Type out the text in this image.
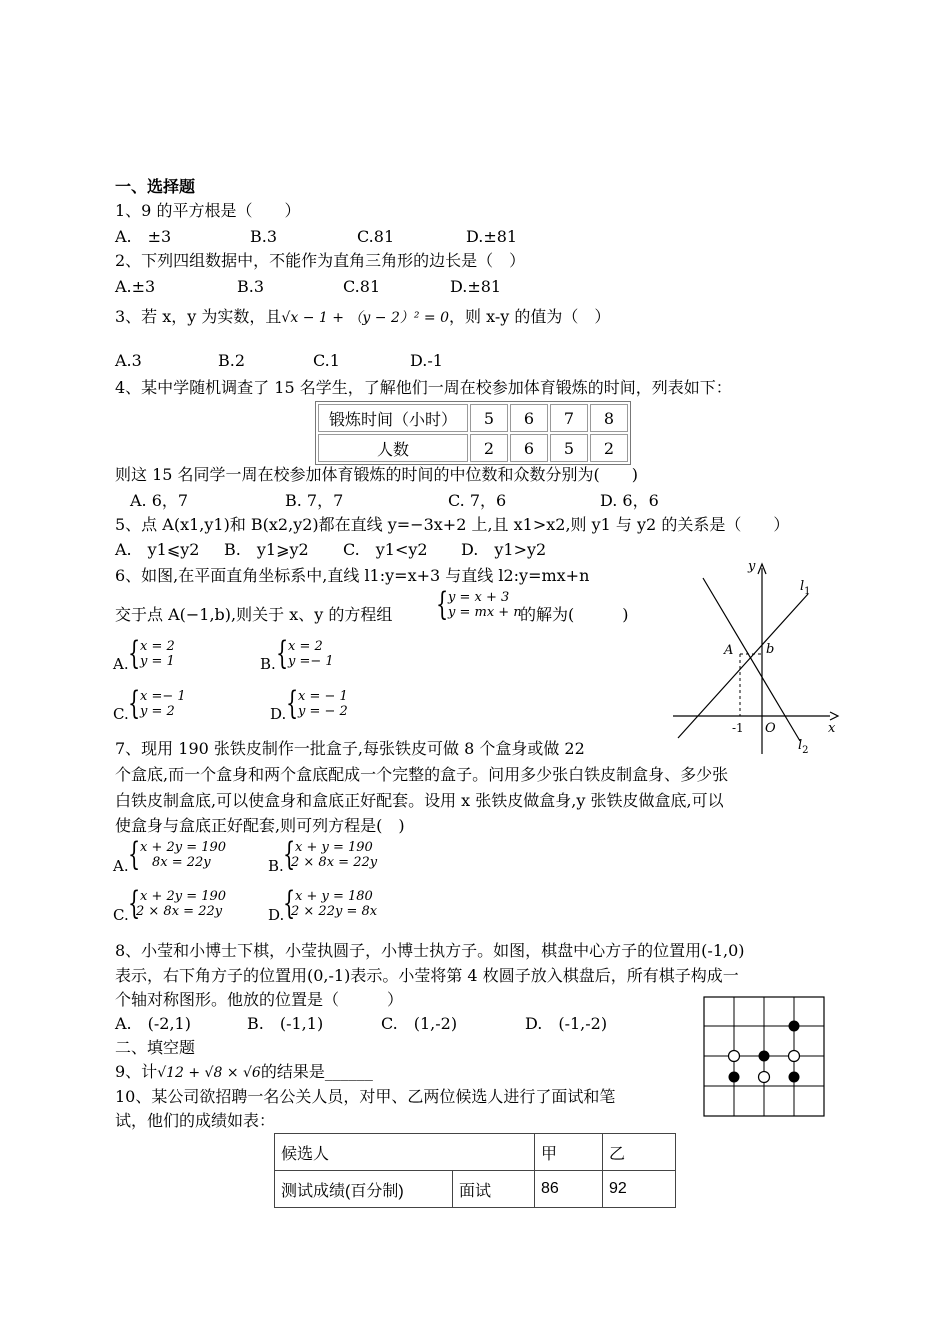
一、选择题
1、9 的平方根是（　　）
A.　±3	B.3	C.81	D.±81
2、下列四组数据中，不能作为直角三角形的边长是（　）
A.±3	B.3	C.81	D.±81
3、若 x，y 为实数，且√x − 1 + （y − 2）² = 0，则 x-y 的值为（　）
A.3	B.2	C.1	D.-1
4、某中学随机调查了 15 名学生，了解他们一周在校参加体育锻炼的时间，列表如下：
锻炼时间（小时）	5	6	7	8
人数	2	6	5	2
则这 15 名同学一周在校参加体育锻炼的时间的中位数和众数分别为(　　)
A. 6，7	B. 7，7	C. 7，6	D. 6，6
5、点 A(x1,y1)和 B(x2,y2)都在直线 y=−3x+2 上,且 x1>x2,则 y1 与 y2 的关系是（　　）
A.　y1⩽y2 B.　y1⩾y2 C.　y1<y2 D.　y1>y2
6、如图,在平面直角坐标系中,直线 l1:y=x+3 与直线 l2:y=mx+n
交于点 A(−1,b),则关于 x、y 的方程组 { y = x + 3
y = mx + n
的解为(　　　)
A. { x = 2
y = 1	B. { x = 2
y =− 1
C. { x =− 1
y = 2	D. { x = − 1
y = − 2
y
x
$l_1$
$l_2$
A	b
-1 O
7、现用 190 张铁皮制作一批盒子,每张铁皮可做 8 个盒身或做 22
个盒底,而一个盒身和两个盒底配成一个完整的盒子。问用多少张白铁皮制盒身、多少张
白铁皮制盒底,可以使盒身和盒底正好配套。设用 x 张铁皮做盒身,y 张铁皮做盒底,可以
使盒身与盒底正好配套,则可列方程是(　)
A. { x + 2y = 190
8x = 22y	B. { x + y = 190
2 × 8x = 22y
C. { x + 2y = 190
2 × 8x = 22y	D.
{ x + y = 180
2 × 22y = 8x
8、小莹和小博士下棋，小莹执圆子，小博士执方子。如图，棋盘中心方子的位置用(-1,0)
表示，右下角方子的位置用(0,-1)表示。小莹将第 4 枚圆子放入棋盘后，所有棋子构成一
个轴对称图形。他放的位置是（　　　）
A.　(-2,1)	B.　(-1,1)	C.　(1,-2)	D.　(-1,-2)
二、填空题
9、计√12 + √8 × √6的结果是______
10、某公司欲招聘一名公关人员，对甲、乙两位候选人进行了面试和笔
试，他们的成绩如表：
候选人		甲	乙
测试成绩(百分制)	面试	86	92
